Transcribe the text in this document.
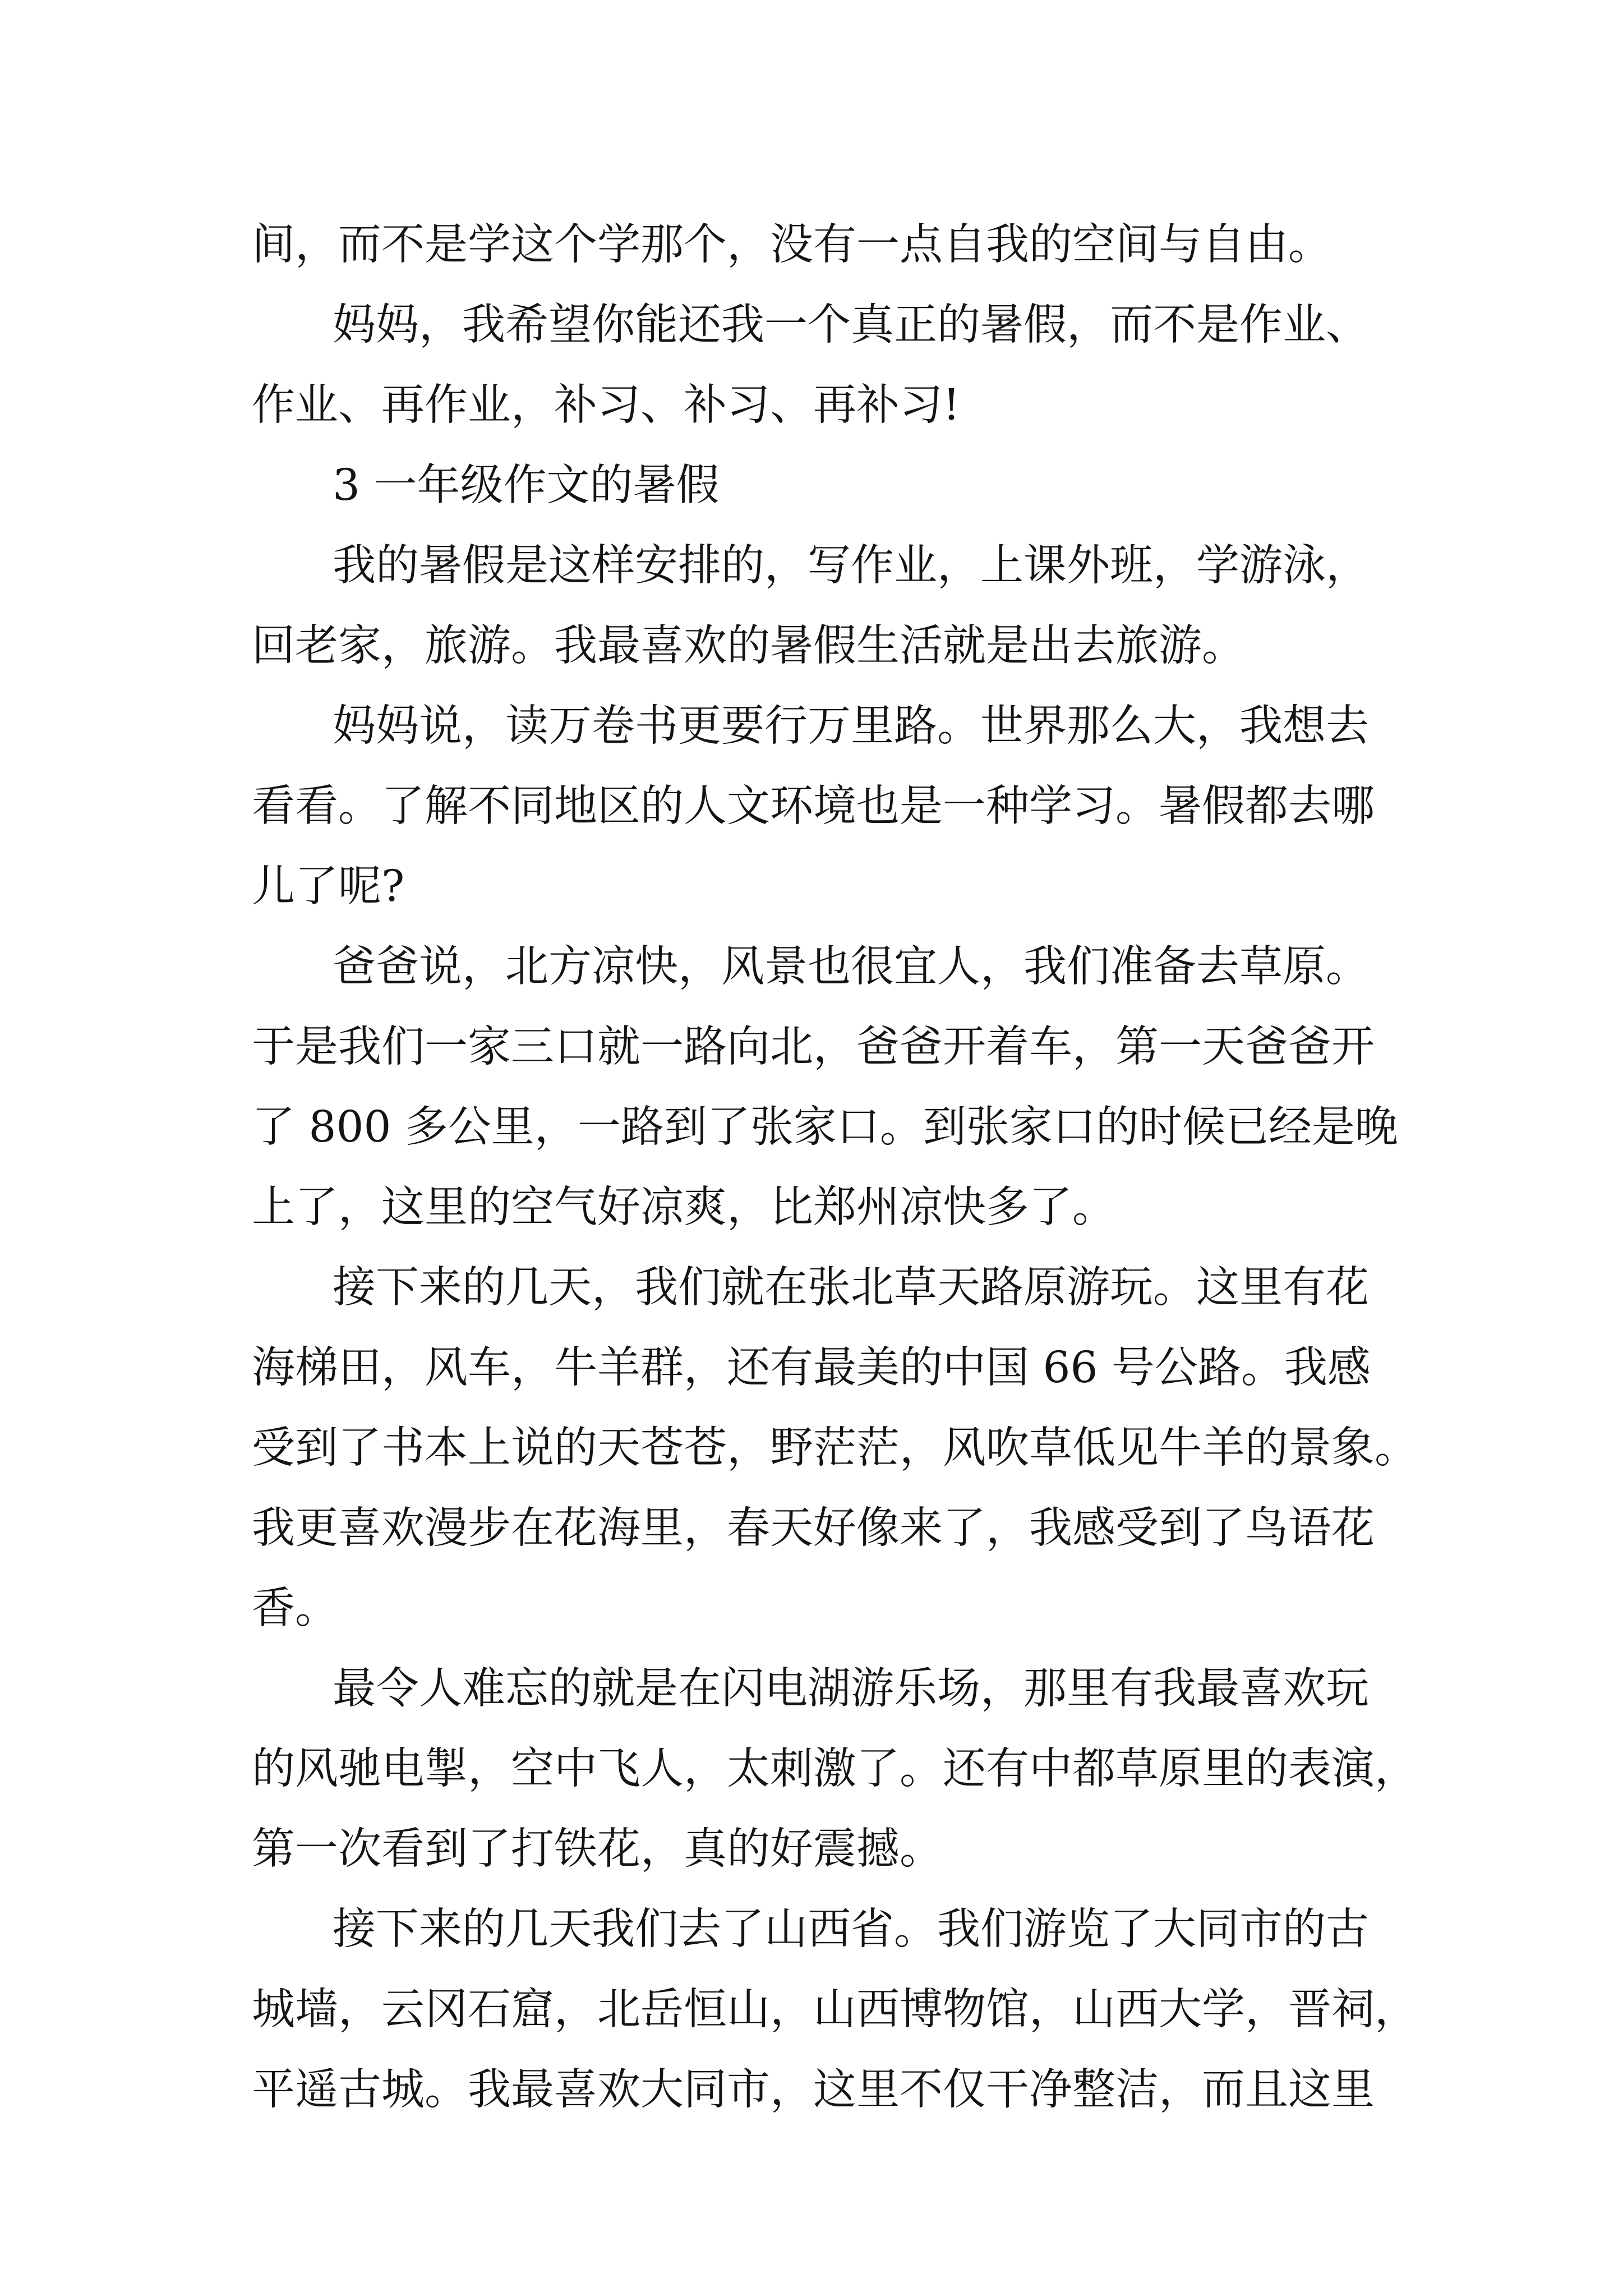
间，而不是学这个学那个，没有一点自我的空间与自由。
妈妈，我希望你能还我一个真正的暑假，而不是作业、
作业、再作业，补习、补习、再补习!
3 一年级作文的暑假
我的暑假是这样安排的，写作业，上课外班，学游泳，
回老家，旅游。我最喜欢的暑假生活就是出去旅游。
妈妈说，读万卷书更要行万里路。世界那么大，我想去
看看。了解不同地区的人文环境也是一种学习。暑假都去哪
儿了呢?
爸爸说，北方凉快，风景也很宜人，我们准备去草原。
于是我们一家三口就一路向北，爸爸开着车，第一天爸爸开
了 800 多公里，一路到了张家口。到张家口的时候已经是晚
上了，这里的空气好凉爽，比郑州凉快多了。
接下来的几天，我们就在张北草天路原游玩。这里有花
海梯田，风车，牛羊群，还有最美的中国 66 号公路。我感
受到了书本上说的天苍苍，野茫茫，风吹草低见牛羊的景象。
我更喜欢漫步在花海里，春天好像来了，我感受到了鸟语花
香。
最令人难忘的就是在闪电湖游乐场，那里有我最喜欢玩
的风驰电掣，空中飞人，太刺激了。还有中都草原里的表演，
第一次看到了打铁花，真的好震撼。
接下来的几天我们去了山西省。我们游览了大同市的古
城墙，云冈石窟，北岳恒山，山西博物馆，山西大学，晋祠，
平遥古城。我最喜欢大同市，这里不仅干净整洁，而且这里
